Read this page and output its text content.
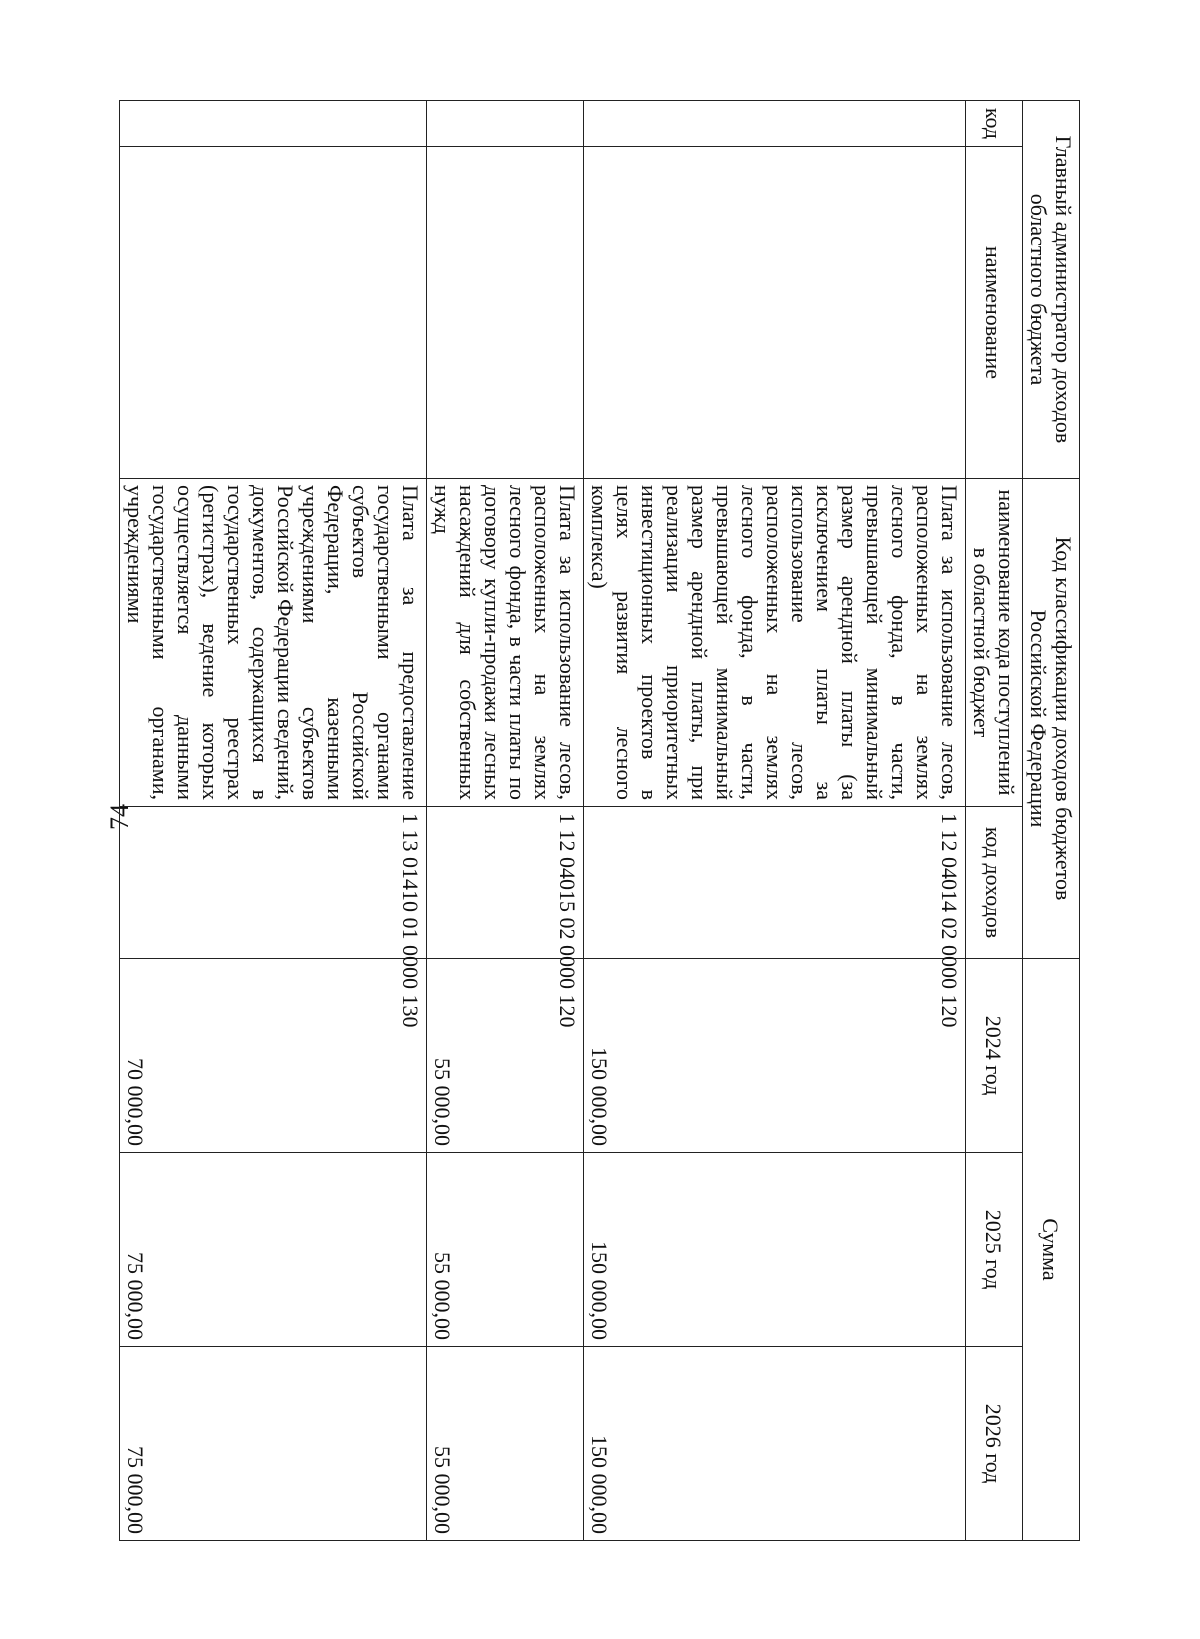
74
Главный администратор доходов областного бюджета		Код классификации доходов бюджетов Российской Федерации		Сумма		
код	наименование	наименование кода поступлений в областной бюджет	код доходов	2024 год	2025 год	2026 год
		Плата за использование лесов, расположенных на землях лесного фонда, в части, превышающей минимальный размер арендной платы (за исключением платы за использование лесов, расположенных на землях лесного фонда, в части, превышающей минимальный размер арендной платы, при реализации приоритетных инвестиционных проектов в целях развития лесного комплекса)	1 12 04014 02 0000 120	150 000,00	150 000,00	150 000,00
		Плата за использование лесов, расположенных на землях лесного фонда, в части платы по договору купли-продажи лесных насаждений для собственных нужд	1 12 04015 02 0000 120	55 000,00	55 000,00	55 000,00
		Плата за предоставление государственными органами субъектов Российской Федерации, казенными учреждениями субъектов Российской Федерации сведений, документов, содержащихся в государственных реестрах (регистрах), ведение которых осуществляется данными государственными органами, учреждениями	1 13 01410 01 0000 130	70 000,00	75 000,00	75 000,00
